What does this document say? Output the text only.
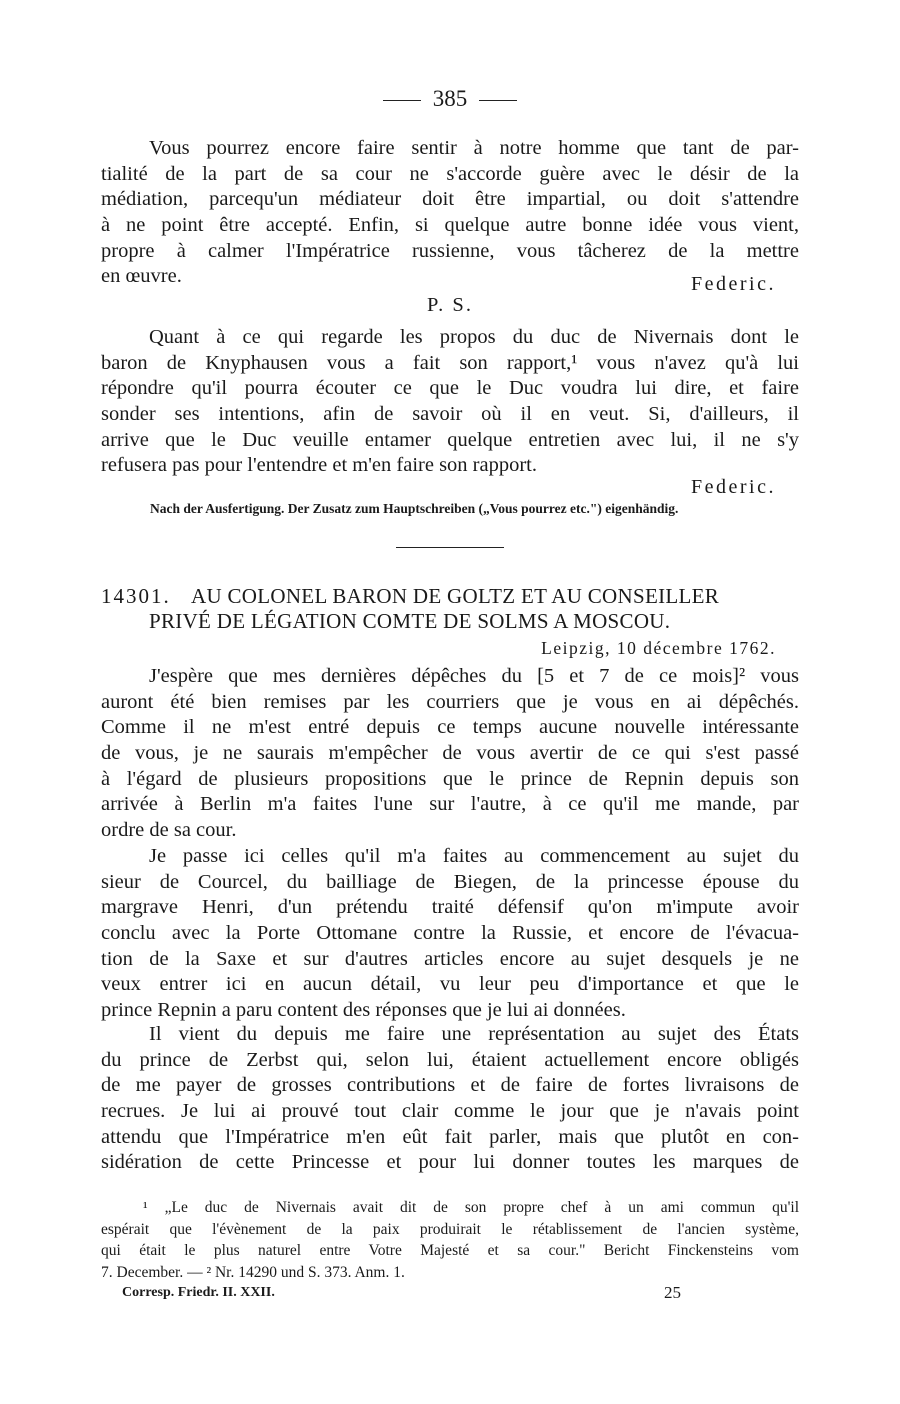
385
Vous pourrez encore faire sentir à notre homme que tant de par-
tialité de la part de sa cour ne s'accorde guère avec le désir de la
médiation, parcequ'un médiateur doit être impartial, ou doit s'attendre
à ne point être accepté. Enfin, si quelque autre bonne idée vous vient,
propre à calmer l'Impératrice russienne, vous tâcherez de la mettre
en œuvre.	Federic.
P. S.
Quant à ce qui regarde les propos du duc de Nivernais dont le
baron de Knyphausen vous a fait son rapport,¹ vous n'avez qu'à lui
répondre qu'il pourra écouter ce que le Duc voudra lui dire, et faire
sonder ses intentions, afin de savoir où il en veut. Si, d'ailleurs, il
arrive que le Duc veuille entamer quelque entretien avec lui, il ne s'y
refusera pas pour l'entendre et m'en faire son rapport.
Federic.
Nach der Ausfertigung. Der Zusatz zum Hauptschreiben („Vous pourrez etc.") eigenhändig.
14301. AU COLONEL BARON DE GOLTZ ET AU CONSEILLER
PRIVÉ DE LÉGATION COMTE DE SOLMS A MOSCOU.
Leipzig, 10 décembre 1762.
J'espère que mes dernières dépêches du [5 et 7 de ce mois]² vous
auront été bien remises par les courriers que je vous en ai dépêchés.
Comme il ne m'est entré depuis ce temps aucune nouvelle intéressante
de vous, je ne saurais m'empêcher de vous avertir de ce qui s'est passé
à l'égard de plusieurs propositions que le prince de Repnin depuis son
arrivée à Berlin m'a faites l'une sur l'autre, à ce qu'il me mande, par
ordre de sa cour.
Je passe ici celles qu'il m'a faites au commencement au sujet du
sieur de Courcel, du bailliage de Biegen, de la princesse épouse du
margrave Henri, d'un prétendu traité défensif qu'on m'impute avoir
conclu avec la Porte Ottomane contre la Russie, et encore de l'évacua-
tion de la Saxe et sur d'autres articles encore au sujet desquels je ne
veux entrer ici en aucun détail, vu leur peu d'importance et que le
prince Repnin a paru content des réponses que je lui ai données.
Il vient du depuis me faire une représentation au sujet des États
du prince de Zerbst qui, selon lui, étaient actuellement encore obligés
de me payer de grosses contributions et de faire de fortes livraisons de
recrues. Je lui ai prouvé tout clair comme le jour que je n'avais point
attendu que l'Impératrice m'en eût fait parler, mais que plutôt en con-
sidération de cette Princesse et pour lui donner toutes les marques de
¹ „Le duc de Nivernais avait dit de son propre chef à un ami commun qu'il
espérait que l'évènement de la paix produirait le rétablissement de l'ancien système,
qui était le plus naturel entre Votre Majesté et sa cour." Bericht Finckensteins vom
7. December. — ² Nr. 14290 und S. 373. Anm. 1.
Corresp. Friedr. II. XXII.	25
